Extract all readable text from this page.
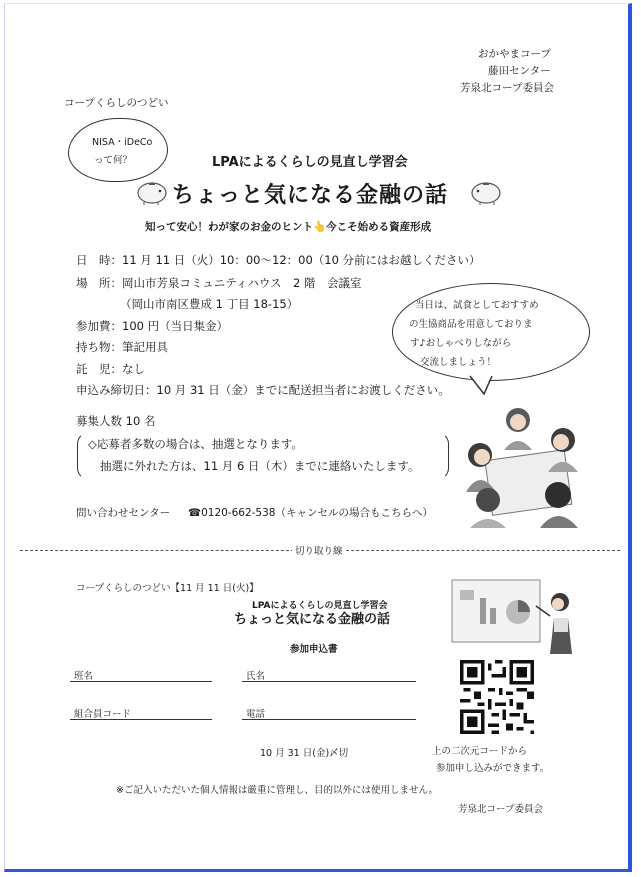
おかやまコープ
藤田センター
芳泉北コープ委員会
コープくらしのつどい
NISA・iDeCo
って何？	LPAによるくらしの見直し学習会
ちょっと気になる金融の話
知って安心！わが家のお金のヒント👆今こそ始める資産形成
日　時：11 月 11 日（火）10：00〜12：00（10 分前にはお越しください）
場　所：岡山市芳泉コミュニティハウス　2 階　会議室
（岡山市南区豊成 1 丁目 18-15）
参加費：100 円（当日集金）
持ち物：筆記用具
託　児：なし
申込み締切日：10 月 31 日（金）までに配送担当者にお渡しください。
当日は、試食としておすすめ
の生協商品を用意しておりま
す♪おしゃべりしながら
交流しましょう！
募集人数 10 名
◇応募者多数の場合は、抽選となります。
抽選に外れた方は、11 月 6 日（木）までに連絡いたします。
問い合わせセンター ☎0120-662-538（キャンセルの場合もこちらへ）
切り取り線
コープくらしのつどい【11 月 11 日(火)】
LPAによるくらしの見直し学習会
ちょっと気になる金融の話
参加申込書
班名	氏名
組合員コード	電話
10 月 31 日(金)〆切	上の二次元コードから
参加申し込みができます。
※ご記入いただいた個人情報は厳重に管理し、目的以外には使用しません。
芳泉北コープ委員会
